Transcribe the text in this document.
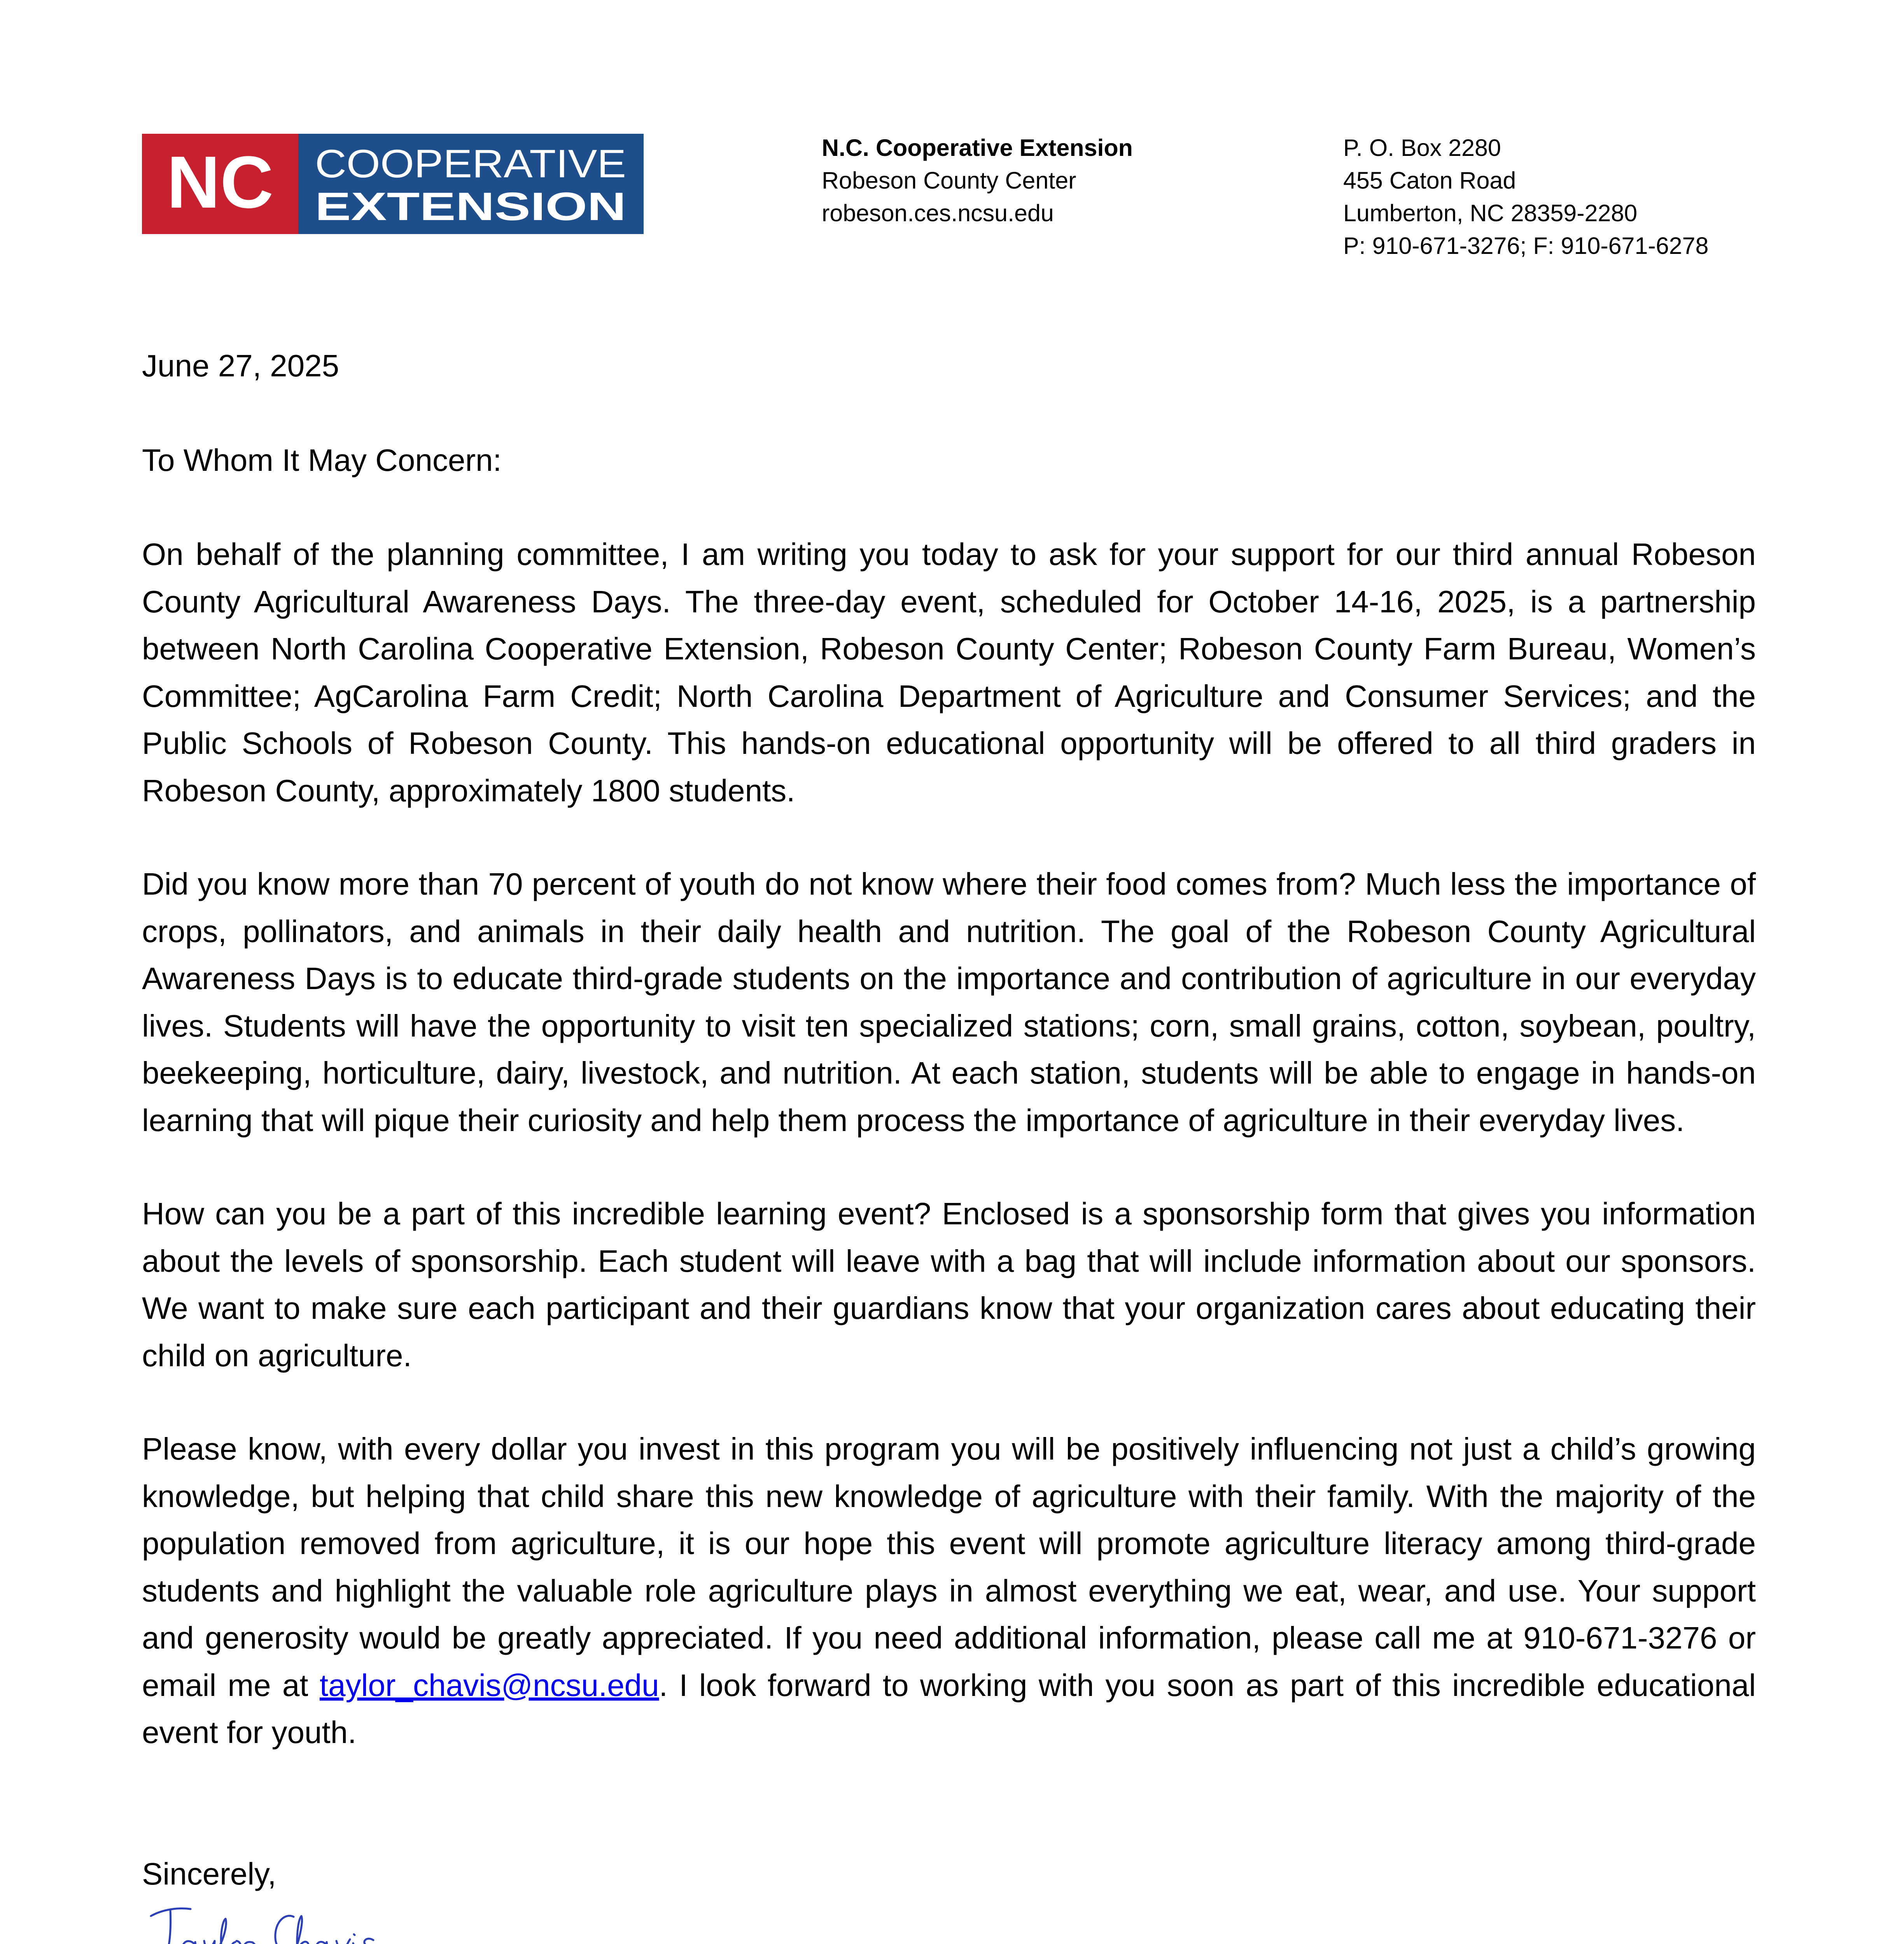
NC COOPERATIVE
EXTENSION
N.C. Cooperative Extension
Robeson County Center
robeson.ces.ncsu.edu
P. O. Box 2280
455 Caton Road
Lumberton, NC 28359-2280
P: 910-671-3276; F: 910-671-6278
June 27, 2025
To Whom It May Concern:
On behalf of the planning committee, I am writing you today to ask for your support for our third annual Robeson County Agricultural Awareness Days. The three-day event, scheduled for October 14-16, 2025, is a partnership between North Carolina Cooperative Extension, Robeson County Center; Robeson County Farm Bureau, Women’s Committee; AgCarolina Farm Credit; North Carolina Department of Agriculture and Consumer Services; and the Public Schools of Robeson County. This hands-on educational opportunity will be offered to all third graders in Robeson County, approximately 1800 students.
Did you know more than 70 percent of youth do not know where their food comes from? Much less the importance of crops, pollinators, and animals in their daily health and nutrition. The goal of the Robeson County Agricultural Awareness Days is to educate third-grade students on the importance and contribution of agriculture in our everyday lives. Students will have the opportunity to visit ten specialized stations; corn, small grains, cotton, soybean, poultry, beekeeping, horticulture, dairy, livestock, and nutrition. At each station, students will be able to engage in hands-on learning that will pique their curiosity and help them process the importance of agriculture in their everyday lives.
How can you be a part of this incredible learning event? Enclosed is a sponsorship form that gives you information about the levels of sponsorship. Each student will leave with a bag that will include information about our sponsors. We want to make sure each participant and their guardians know that your organization cares about educating their child on agriculture.
Please know, with every dollar you invest in this program you will be positively influencing not just a child’s growing knowledge, but helping that child share this new knowledge of agriculture with their family. With the majority of the population removed from agriculture, it is our hope this event will promote agriculture literacy among third-grade students and highlight the valuable role agriculture plays in almost everything we eat, wear, and use. Your support and generosity would be greatly appreciated. If you need additional information, please call me at 910-671-3276 or email me at taylor_chavis@ncsu.edu. I look forward to working with you soon as part of this incredible educational event for youth.
Sincerely,
